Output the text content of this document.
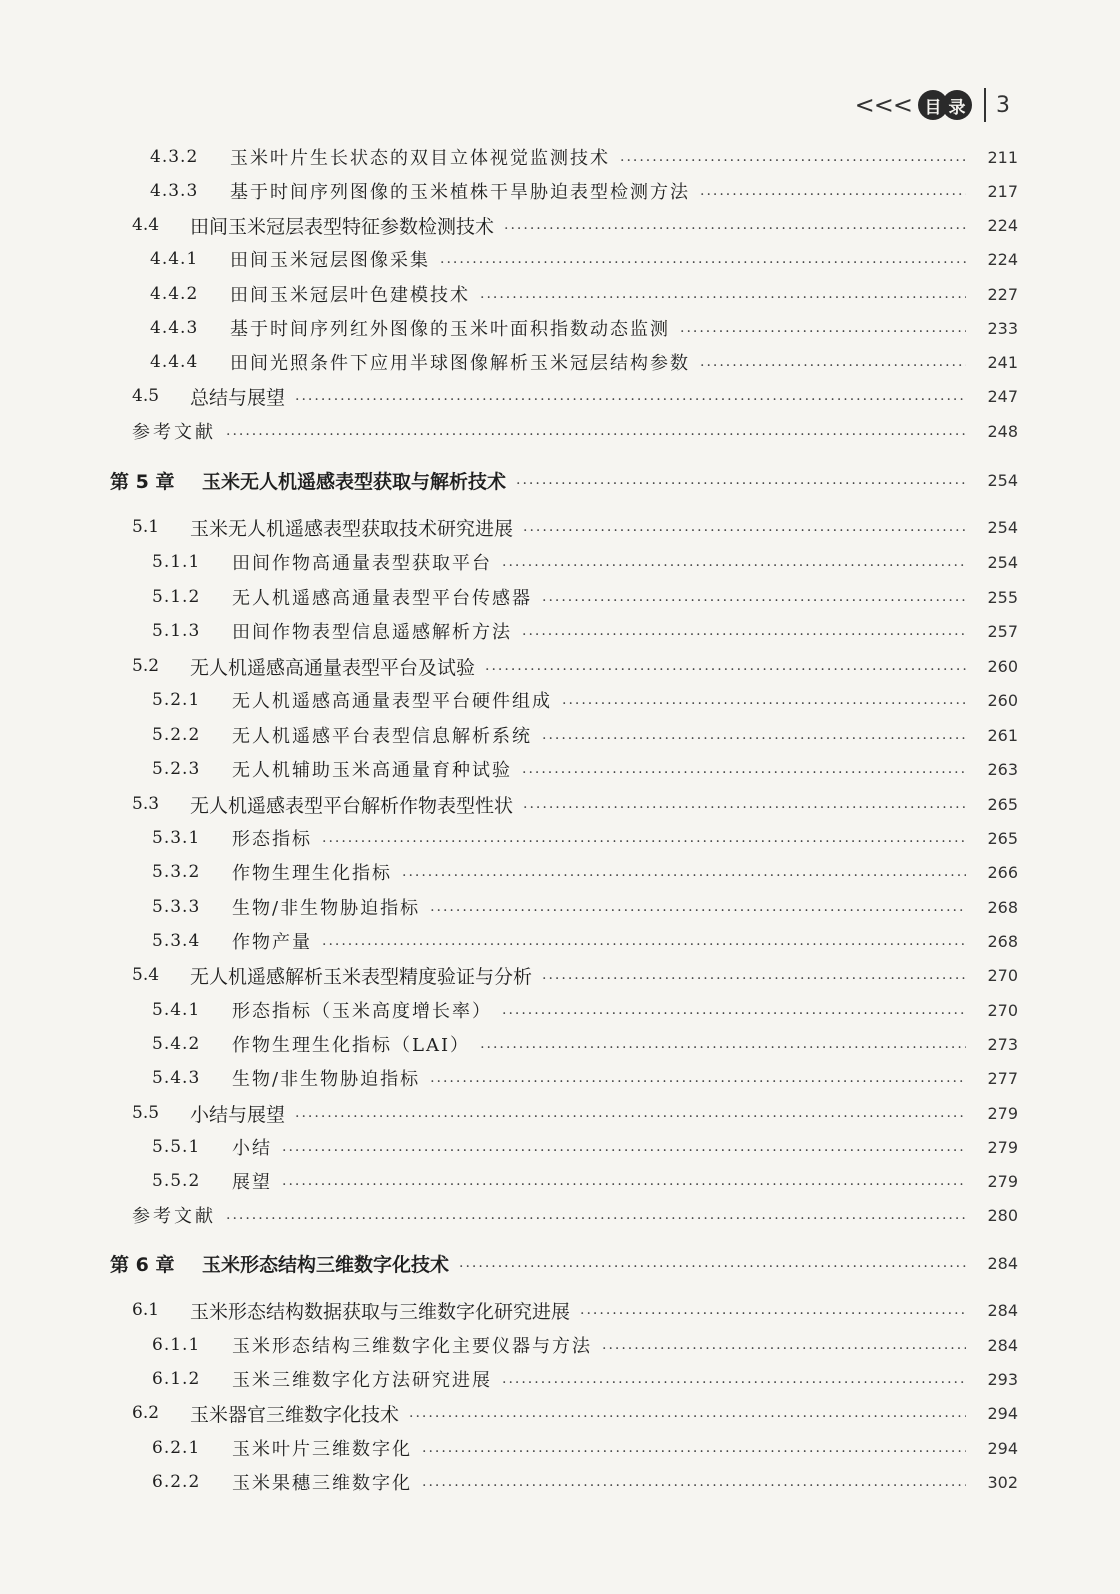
<<< 目 录 3
4.3.2	玉米叶片生长状态的双目立体视觉监测技术 .....	211
4.3.3	基于时间序列图像的玉米植株干旱胁迫表型检测方法 .....	217
4.4	田间玉米冠层表型特征参数检测技术 .....	224
4.4.1	田间玉米冠层图像采集 .....	224
4.4.2	田间玉米冠层叶色建模技术 .....	227
4.4.3	基于时间序列红外图像的玉米叶面积指数动态监测 .....	233
4.4.4	田间光照条件下应用半球图像解析玉米冠层结构参数 .....	241
4.5	总结与展望 .....	247
参考文献 .....	248
第 5 章	玉米无人机遥感表型获取与解析技术 .....	254
5.1	玉米无人机遥感表型获取技术研究进展 .....	254
5.1.1	田间作物高通量表型获取平台 .....	254
5.1.2	无人机遥感高通量表型平台传感器 .....	255
5.1.3	田间作物表型信息遥感解析方法 .....	257
5.2	无人机遥感高通量表型平台及试验 .....	260
5.2.1	无人机遥感高通量表型平台硬件组成 .....	260
5.2.2	无人机遥感平台表型信息解析系统 .....	261
5.2.3	无人机辅助玉米高通量育种试验 .....	263
5.3	无人机遥感表型平台解析作物表型性状 .....	265
5.3.1	形态指标 .....	265
5.3.2	作物生理生化指标 .....	266
5.3.3	生物/非生物胁迫指标 .....	268
5.3.4	作物产量 .....	268
5.4	无人机遥感解析玉米表型精度验证与分析 .....	270
5.4.1	形态指标（玉米高度增长率） .....	270
5.4.2	作物生理生化指标（LAI） .....	273
5.4.3	生物/非生物胁迫指标 .....	277
5.5	小结与展望 .....	279
5.5.1	小结 .....	279
5.5.2	展望 .....	279
参考文献 .....	280
第 6 章	玉米形态结构三维数字化技术 .....	284
6.1	玉米形态结构数据获取与三维数字化研究进展 .....	284
6.1.1	玉米形态结构三维数字化主要仪器与方法 .....	284
6.1.2	玉米三维数字化方法研究进展 .....	293
6.2	玉米器官三维数字化技术 .....	294
6.2.1	玉米叶片三维数字化 .....	294
6.2.2	玉米果穗三维数字化 .....	302
